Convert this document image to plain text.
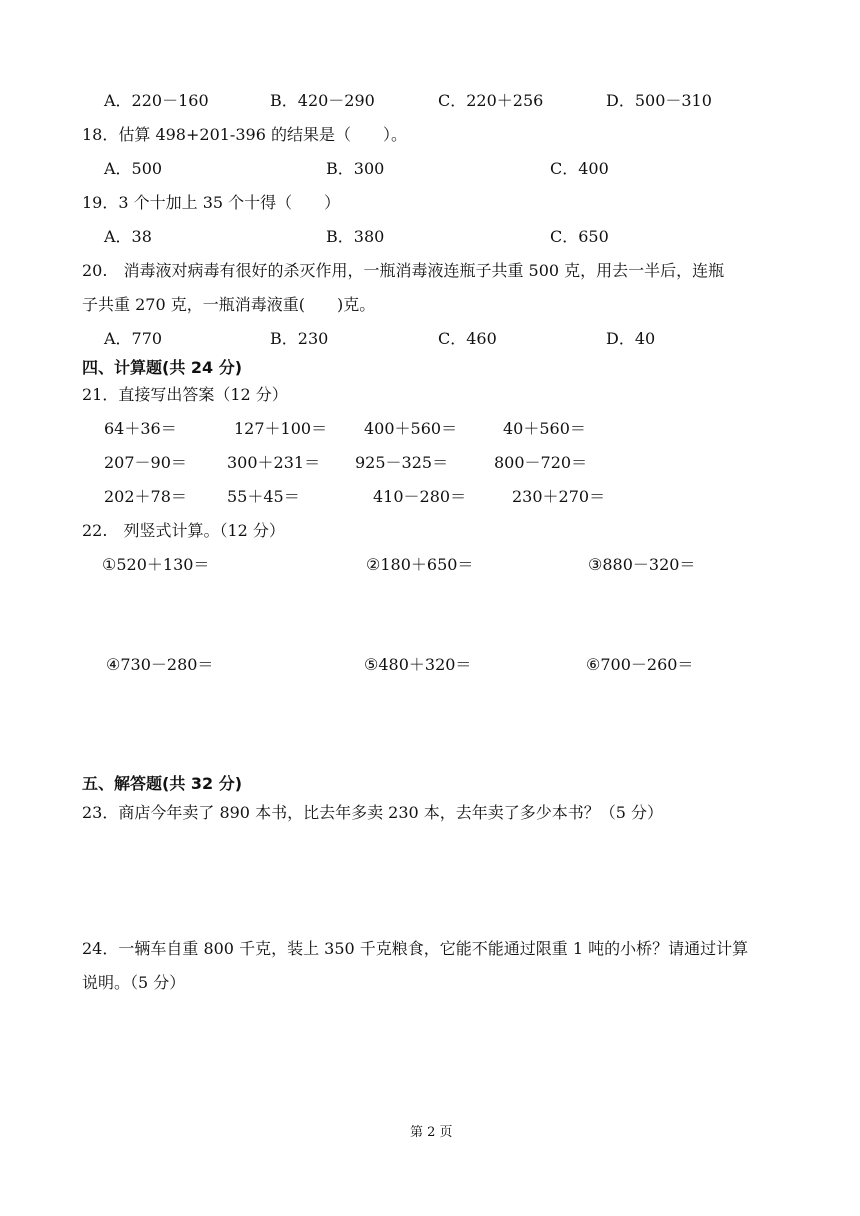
A．220－160	B．420－290	C．220＋256	D．500－310
18．估算 498+201-396 的结果是（　　）。
A．500	B．300	C．400
19．3 个十加上 35 个十得（　　）
A．38	B．380	C．650
20.　消毒液对病毒有很好的杀灭作用，一瓶消毒液连瓶子共重 500 克，用去一半后，连瓶
子共重 270 克，一瓶消毒液重(　　)克。
A．770	B．230	C．460	D．40
四、计算题(共 24 分)
21．直接写出答案（12 分）
64＋36＝	127＋100＝ 400＋560＝	40＋560＝
207－90＝	300＋231＝ 925－325＝	800－720＝
202＋78＝	55＋45＝	410－280＝	230＋270＝
22.　列竖式计算。（12 分）
①520＋130＝	②180＋650＝	③880－320＝
④730－280＝	⑤480＋320＝	⑥700－260＝
五、解答题(共 32 分)
23．商店今年卖了 890 本书，比去年多卖 230 本，去年卖了多少本书？（5 分）
24．一辆车自重 800 千克，装上 350 千克粮食，它能不能通过限重 1 吨的小桥？请通过计算
说明。（5 分）
第 2 页
